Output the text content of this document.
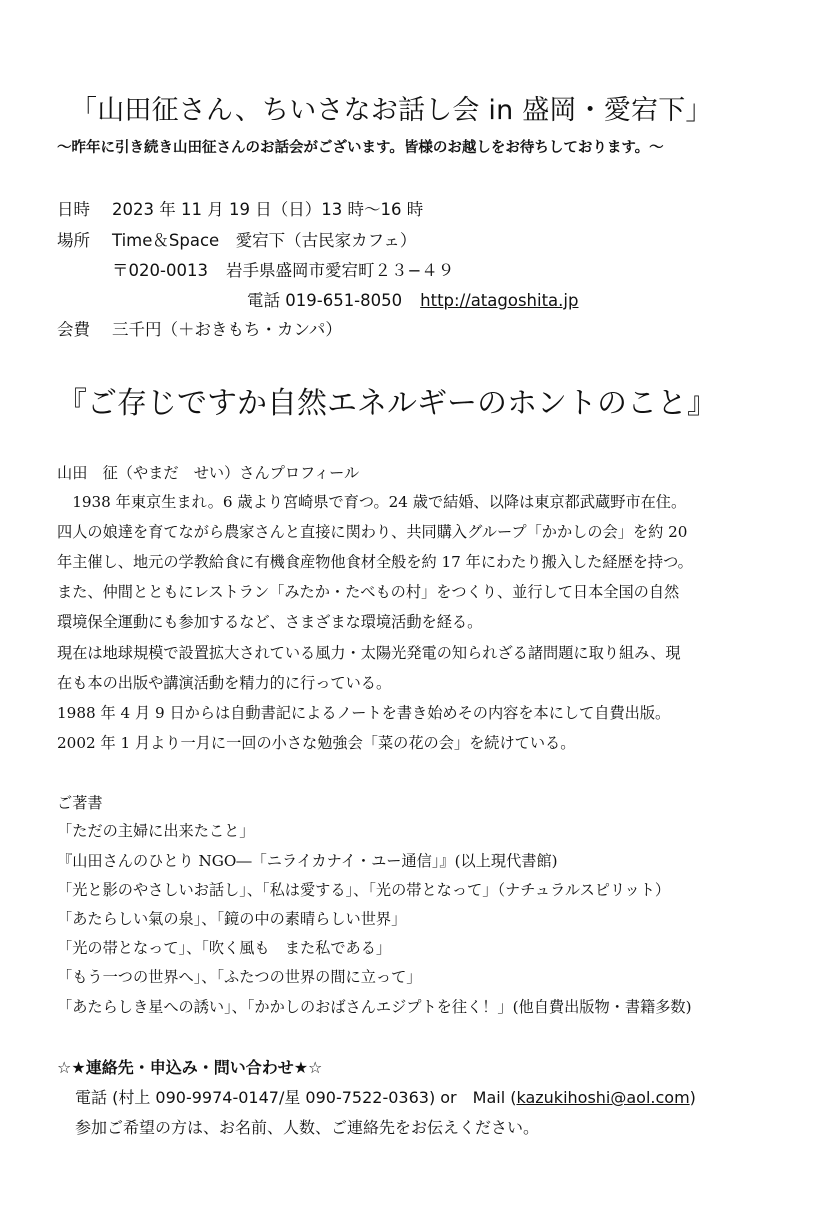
「山田征さん、ちいさなお話し会 in 盛岡・愛宕下」
〜昨年に引き続き山田征さんのお話会がございます。皆様のお越しをお待ちしております。〜
日時 2023 年 11 月 19 日（日）13 時〜16 時
場所 Time＆Space　愛宕下（古民家カフェ）
〒020-0013 岩手県盛岡市愛宕町２３−４９
電話 019-651-8050 http://atagoshita.jp
会費 三千円（＋おきもち・カンパ）
『ご存じですか自然エネルギーのホントのこと』
山田　征（やまだ　せい）さんプロフィール
　1938 年東京生まれ。6 歳より宮崎県で育つ。24 歳で結婚、以降は東京都武蔵野市在住。
四人の娘達を育てながら農家さんと直接に関わり、共同購入グループ「かかしの会」を約 20
年主催し、地元の学教給食に有機食産物他食材全般を約 17 年にわたり搬入した経歴を持つ。
また、仲間とともにレストラン「みたか・たべもの村」をつくり、並行して日本全国の自然
環境保全運動にも参加するなど、さまざまな環境活動を経る。
現在は地球規模で設置拡大されている風力・太陽光発電の知られざる諸問題に取り組み、現
在も本の出版や講演活動を精力的に行っている。
1988 年 4 月 9 日からは自動書記によるノートを書き始めその内容を本にして自費出版。
2002 年 1 月より一月に一回の小さな勉強会「菜の花の会」を続けている。
ご著書
「ただの主婦に出来たこと」
『山田さんのひとり NGO―「ニライカナイ・ユー通信」』(以上現代書館)
「光と影のやさしいお話し」、「私は愛する」、「光の帯となって」（ナチュラルスピリット）
「あたらしい氣の泉」、「鏡の中の素晴らしい世界」
「光の帯となって」、「吹く風も　また私である」
「もう一つの世界へ」、「ふたつの世界の間に立って」
「あたらしき星への誘い」、「かかしのおばさんエジプトを往く！」(他自費出版物・書籍多数)
☆★連絡先・申込み・問い合わせ★☆
電話 (村上 090-9974-0147/星 090-7522-0363) or　Mail (kazukihoshi@aol.com)
参加ご希望の方は、お名前、人数、ご連絡先をお伝えください。
